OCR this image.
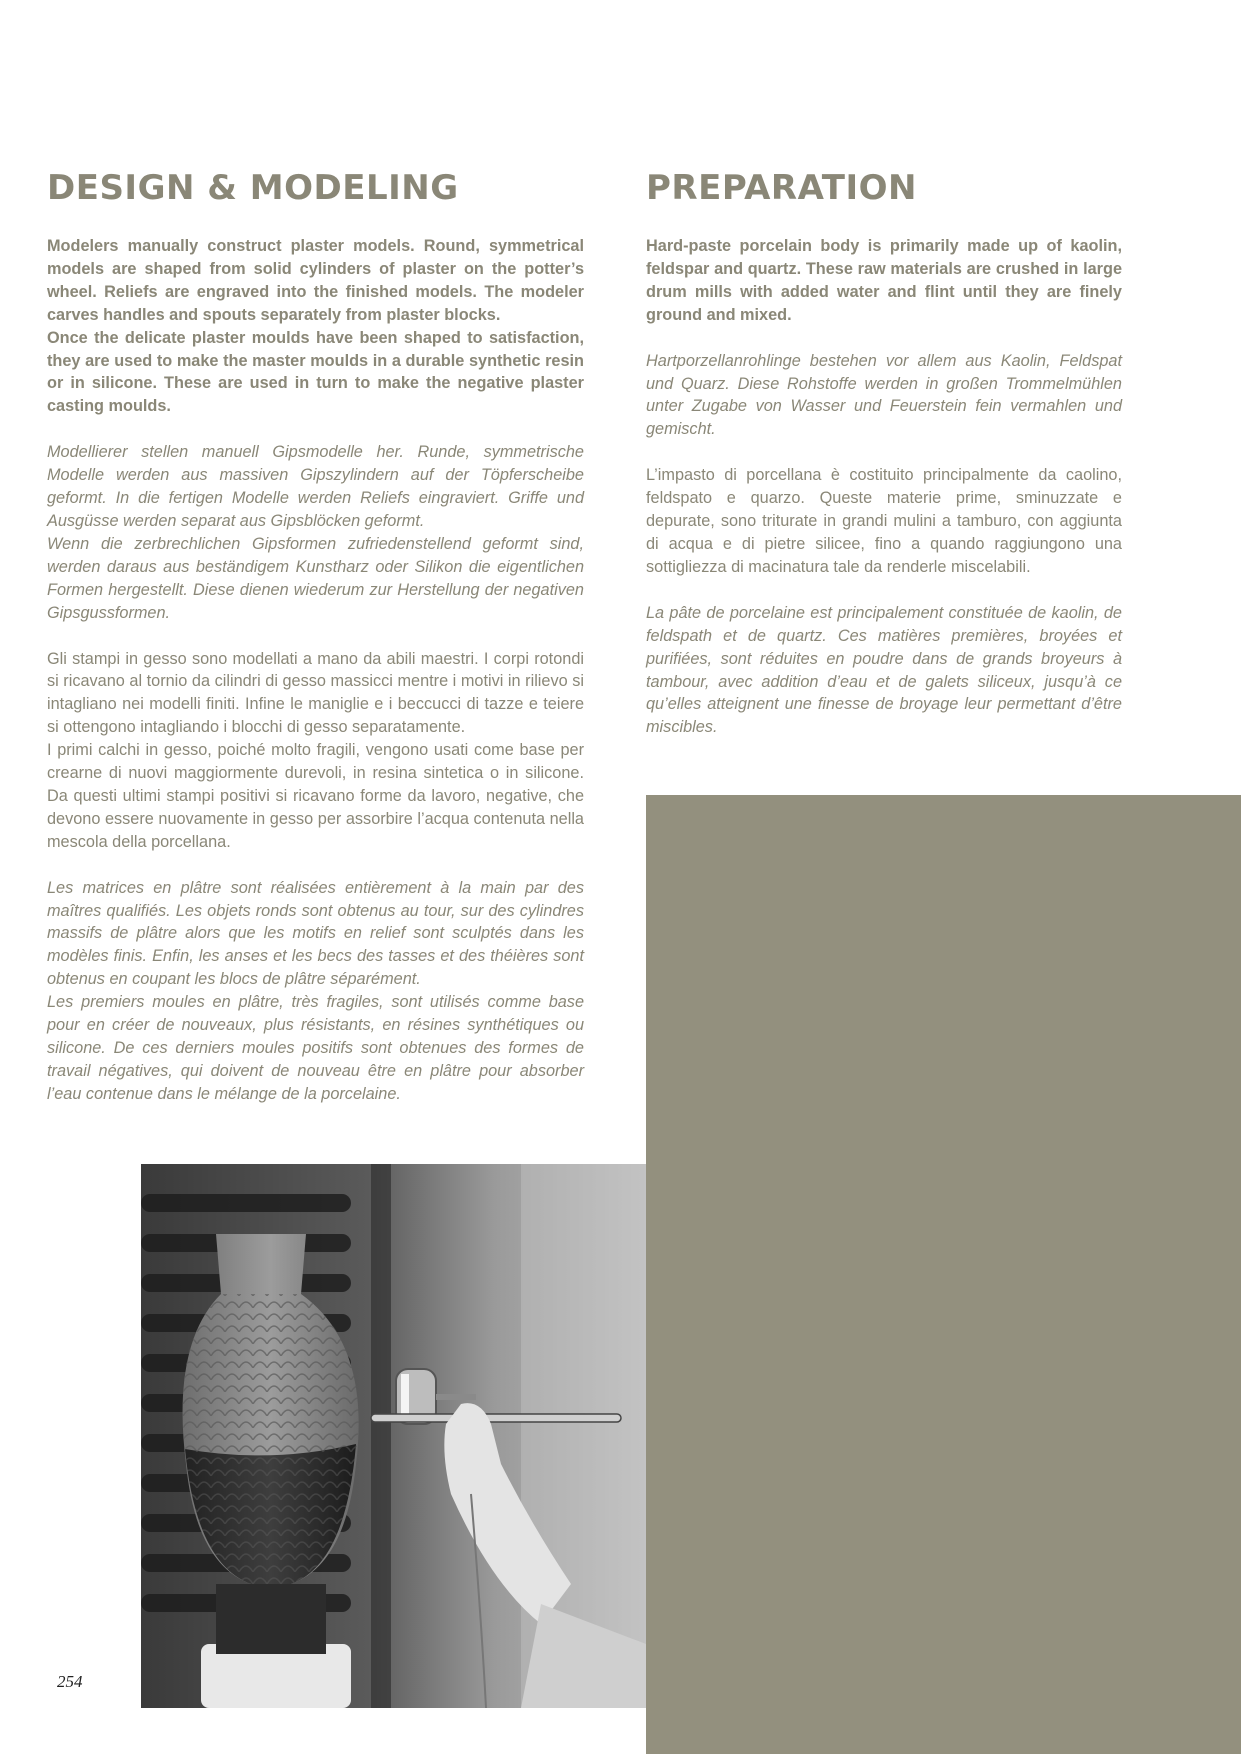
DESIGN & MODELING

Modelers manually construct plaster models. Round, symmetrical models are shaped from solid cylinders of plaster on the potter’s wheel. Reliefs are engraved into the finished models. The modeler carves handles and spouts separately from plaster blocks.

Once the delicate plaster moulds have been shaped to satisfaction, they are used to make the master moulds in a durable synthetic resin or in silicone. These are used in turn to make the negative plaster casting moulds.

Modellierer stellen manuell Gipsmodelle her. Runde, symmetrische Modelle werden aus massiven Gipszylindern auf der Töpferscheibe geformt. In die fertigen Modelle werden Reliefs eingraviert. Griffe und Ausgüsse werden separat aus Gipsblöcken geformt.

Wenn die zerbrechlichen Gipsformen zufriedenstellend geformt sind, werden daraus aus beständigem Kunstharz oder Silikon die eigentlichen Formen hergestellt. Diese dienen wiederum zur Herstellung der negativen Gipsgussformen.

Gli stampi in gesso sono modellati a mano da abili maestri. I corpi rotondi si ricavano al tornio da cilindri di gesso massicci mentre i motivi in rilievo si intagliano nei modelli finiti. Infine le maniglie e i beccucci di tazze e teiere si ottengono intagliando i blocchi di gesso separatamente.

I primi calchi in gesso, poiché molto fragili, vengono usati come base per crearne di nuovi maggiormente durevoli, in resina sintetica o in silicone. Da questi ultimi stampi positivi si ricavano forme da lavoro, negative, che devono essere nuovamente in gesso per assorbire l’acqua contenuta nella mescola della porcellana.

Les matrices en plâtre sont réalisées entièrement à la main par des maîtres qualifiés. Les objets ronds sont obtenus au tour, sur des cylindres massifs de plâtre alors que les motifs en relief sont sculptés dans les modèles finis. Enfin, les anses et les becs des tasses et des théières sont obtenus en coupant les blocs de plâtre séparément.

Les premiers moules en plâtre, très fragiles, sont utilisés comme base pour en créer de nouveaux, plus résistants, en résines synthétiques ou silicone. De ces derniers moules positifs sont obtenues des formes de travail négatives, qui doivent de nouveau être en plâtre pour absorber l’eau contenue dans le mélange de la porcelaine.

PREPARATION

Hard-paste porcelain body is primarily made up of kaolin, feldspar and quartz. These raw materials are crushed in large drum mills with added water and flint until they are finely ground and mixed.

Hartporzellanrohlinge bestehen vor allem aus Kaolin, Feldspat und Quarz. Diese Rohstoffe werden in großen Trommelmühlen unter Zugabe von Wasser und Feuerstein fein vermahlen und gemischt.

L’impasto di porcellana è costituito principalmente da caolino, feldspato e quarzo. Queste materie prime, sminuzzate e depurate, sono triturate in grandi mulini a tamburo, con aggiunta di acqua e di pietre silicee, fino a quando raggiungono una sottigliezza di macinatura tale da renderle miscelabili.

La pâte de porcelaine est principalement constituée de kaolin, de feldspath et de quartz. Ces matières premières, broyées et purifiées, sont réduites en poudre dans de grands broyeurs à tambour, avec addition d’eau et de galets siliceux, jusqu’à ce qu’elles atteignent une finesse de broyage leur permettant d’être miscibles.

254
